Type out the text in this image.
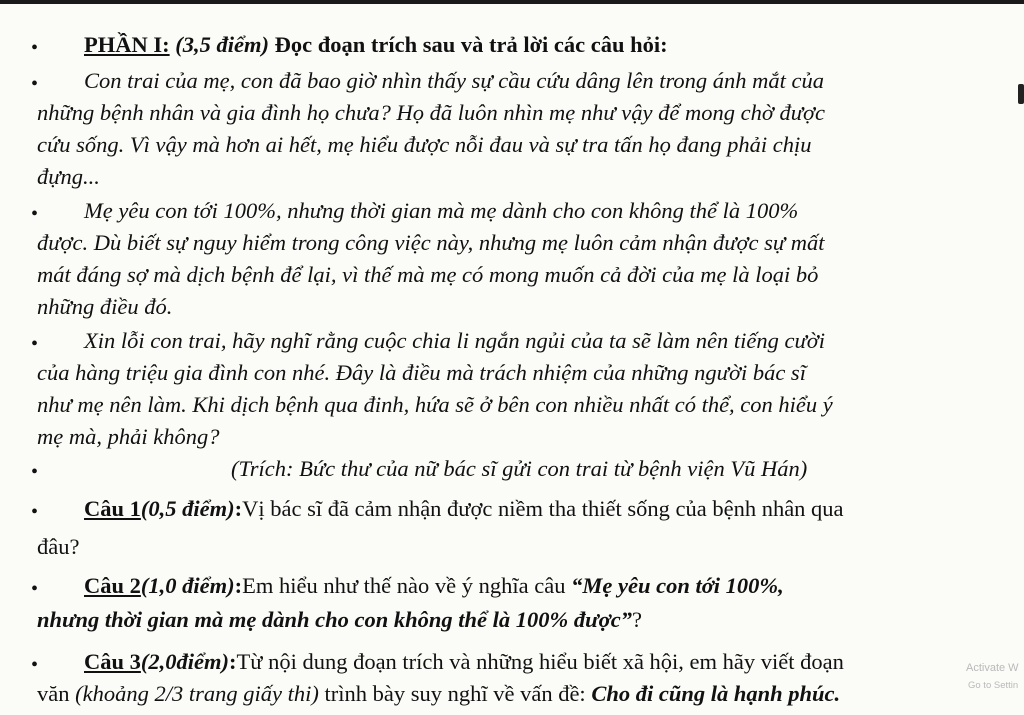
• PHẦN I: (3,5 điểm) Đọc đoạn trích sau và trả lời các câu hỏi:
• Con trai của mẹ, con đã bao giờ nhìn thấy sự cầu cứu dâng lên trong ánh mắt của
những bệnh nhân và gia đình họ chưa? Họ đã luôn nhìn mẹ như vậy để mong chờ được
cứu sống. Vì vậy mà hơn ai hết, mẹ hiểu được nỗi đau và sự tra tấn họ đang phải chịu
đựng...
• Mẹ yêu con tới 100%, nhưng thời gian mà mẹ dành cho con không thể là 100%
được. Dù biết sự nguy hiểm trong công việc này, nhưng mẹ luôn cảm nhận được sự mất
mát đáng sợ mà dịch bệnh để lại, vì thế mà mẹ có mong muốn cả đời của mẹ là loại bỏ
những điều đó.
• Xin lỗi con trai, hãy nghĩ rằng cuộc chia li ngắn ngủi của ta sẽ làm nên tiếng cười
của hàng triệu gia đình con nhé. Đây là điều mà trách nhiệm của những người bác sĩ
như mẹ nên làm. Khi dịch bệnh qua đinh, hứa sẽ ở bên con nhiều nhất có thể, con hiểu ý
mẹ mà, phải không?
•	(Trích: Bức thư của nữ bác sĩ gửi con trai từ bệnh viện Vũ Hán)
• Câu 1(0,5 điểm):Vị bác sĩ đã cảm nhận được niềm tha thiết sống của bệnh nhân qua
đâu?
• Câu 2(1,0 điểm):Em hiểu như thế nào về ý nghĩa câu “Mẹ yêu con tới 100%,
nhưng thời gian mà mẹ dành cho con không thể là 100% được”?
• Câu 3(2,0điểm):Từ nội dung đoạn trích và những hiểu biết xã hội, em hãy viết đoạn
văn (khoảng 2/3 trang giấy thi) trình bày suy nghĩ về vấn đề: Cho đi cũng là hạnh phúc.
Activate W
Go to Settin
